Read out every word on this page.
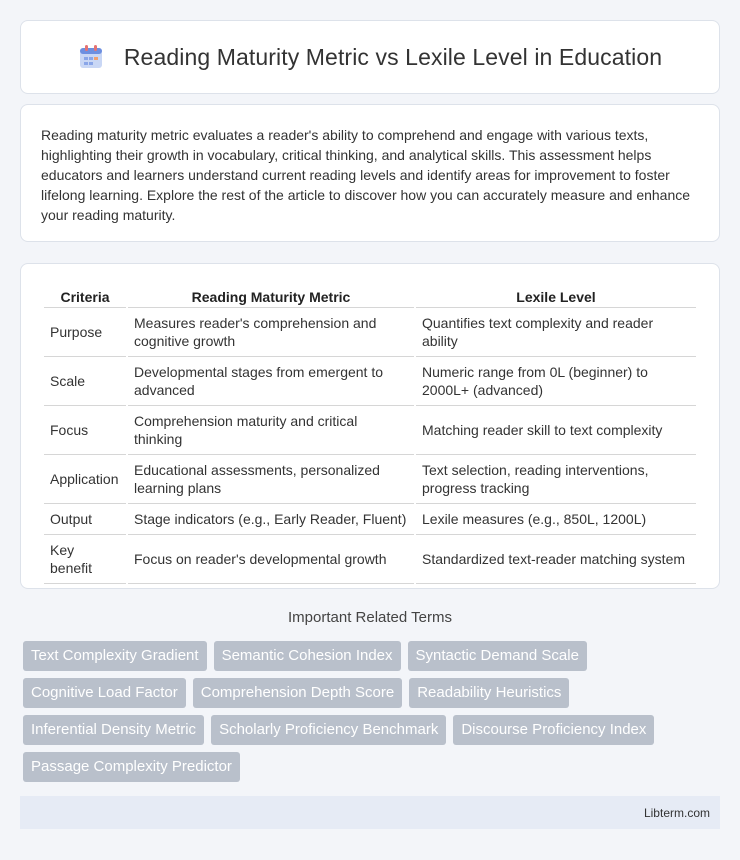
Reading Maturity Metric vs Lexile Level in Education

Reading maturity metric evaluates a reader's ability to comprehend and engage with various texts, highlighting their growth in vocabulary, critical thinking, and analytical skills. This assessment helps educators and learners understand current reading levels and identify areas for improvement to foster lifelong learning. Explore the rest of the article to discover how you can accurately measure and enhance your reading maturity.

Criteria	Reading Maturity Metric	Lexile Level
Purpose	Measures reader's comprehension and cognitive growth	Quantifies text complexity and reader ability
Scale	Developmental stages from emergent to advanced	Numeric range from 0L (beginner) to 2000L+ (advanced)
Focus	Comprehension maturity and critical thinking	Matching reader skill to text complexity
Application	Educational assessments, personalized learning plans	Text selection, reading interventions, progress tracking
Output	Stage indicators (e.g., Early Reader, Fluent)	Lexile measures (e.g., 850L, 1200L)
Key benefit	Focus on reader's developmental growth	Standardized text-reader matching system
Important Related Terms
Text Complexity Gradient	Semantic Cohesion Index	Syntactic Demand Scale
Cognitive Load Factor	Comprehension Depth Score	Readability Heuristics
Inferential Density Metric	Scholarly Proficiency Benchmark	Discourse Proficiency Index
Passage Complexity Predictor
Libterm.com
